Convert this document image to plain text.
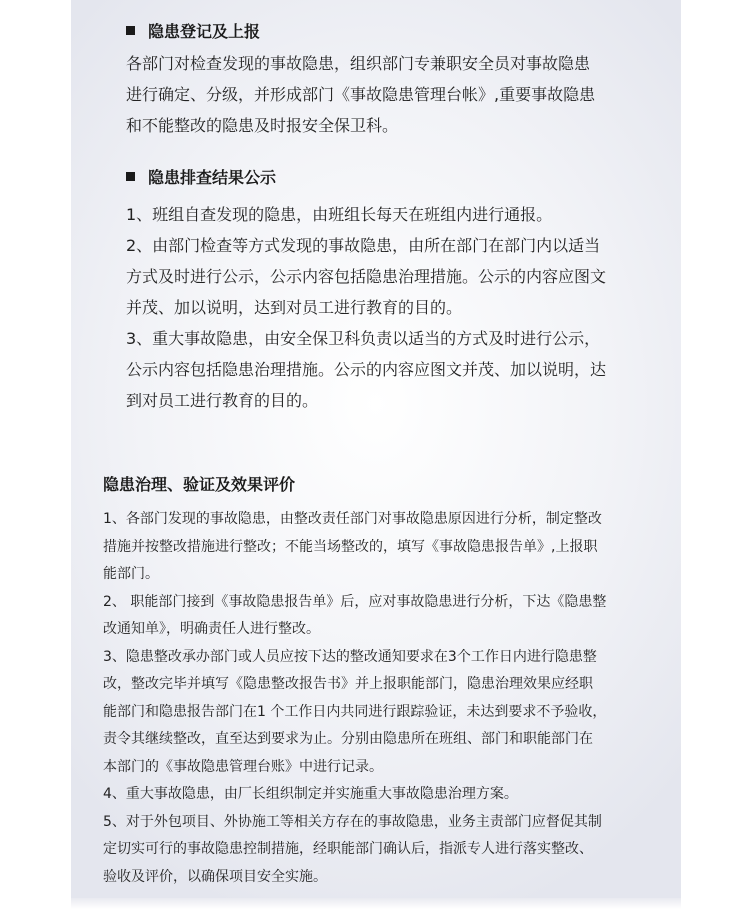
隐患登记及上报
各部门对检查发现的事故隐患，组织部门专兼职安全员对事故隐患
进行确定、分级，并形成部门《事故隐患管理台帐》,重要事故隐患
和不能整改的隐患及时报安全保卫科。
隐患排查结果公示
1、班组自查发现的隐患，由班组长每天在班组内进行通报。
2、由部门检查等方式发现的事故隐患，由所在部门在部门内以适当
方式及时进行公示，公示内容包括隐患治理措施。公示的内容应图文
并茂、加以说明，达到对员工进行教育的目的。
3、重大事故隐患，由安全保卫科负责以适当的方式及时进行公示，
公示内容包括隐患治理措施。公示的内容应图文并茂、加以说明，达
到对员工进行教育的目的。
隐患治理、验证及效果评价
1、各部门发现的事故隐患，由整改责任部门对事故隐患原因进行分析，制定整改
措施并按整改措施进行整改；不能当场整改的，填写《事故隐患报告单》,上报职
能部门。
2、 职能部门接到《事故隐患报告单》后，应对事故隐患进行分析，下达《隐患整
改通知单》，明确责任人进行整改。
3、隐患整改承办部门或人员应按下达的整改通知要求在3个工作日内进行隐患整
改，整改完毕并填写《隐患整改报告书》并上报职能部门，隐患治理效果应经职
能部门和隐患报告部门在1 个工作日内共同进行跟踪验证，未达到要求不予验收，
责令其继续整改，直至达到要求为止。分别由隐患所在班组、部门和职能部门在
本部门的《事故隐患管理台账》中进行记录。
4、重大事故隐患，由厂长组织制定并实施重大事故隐患治理方案。
5、对于外包项目、外协施工等相关方存在的事故隐患，业务主责部门应督促其制
定切实可行的事故隐患控制措施，经职能部门确认后，指派专人进行落实整改、
验收及评价，以确保项目安全实施。
